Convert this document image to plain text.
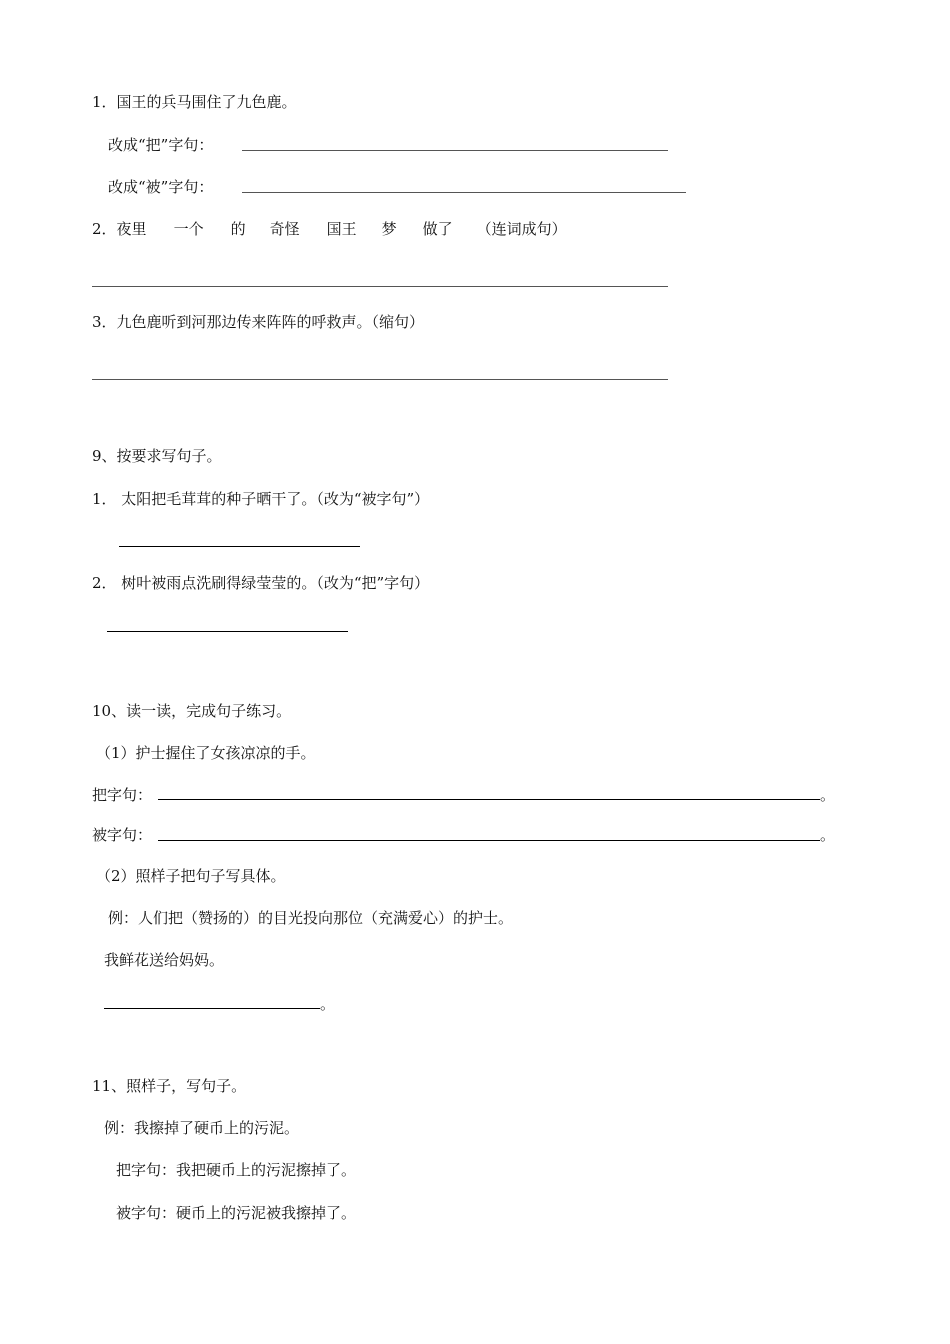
1．国王的兵马围住了九色鹿。
改成“把”字句：
改成“被”字句：
2．夜里 一个 的 奇怪 国王 梦 做了 （连词成句）
3．九色鹿听到河那边传来阵阵的呼救声。（缩句）
9、按要求写句子。
1． 太阳把毛茸茸的种子晒干了。（改为“被字句”）
2． 树叶被雨点洗刷得绿莹莹的。（改为“把”字句）
10、读一读，完成句子练习。
（1）护士握住了女孩凉凉的手。
把字句：	。
被字句：	。
（2）照样子把句子写具体。
例：人们把（赞扬的）的目光投向那位（充满爱心）的护士。
我鲜花送给妈妈。
。
11、照样子，写句子。
例：我擦掉了硬币上的污泥。
把字句：我把硬币上的污泥擦掉了。
被字句：硬币上的污泥被我擦掉了。
